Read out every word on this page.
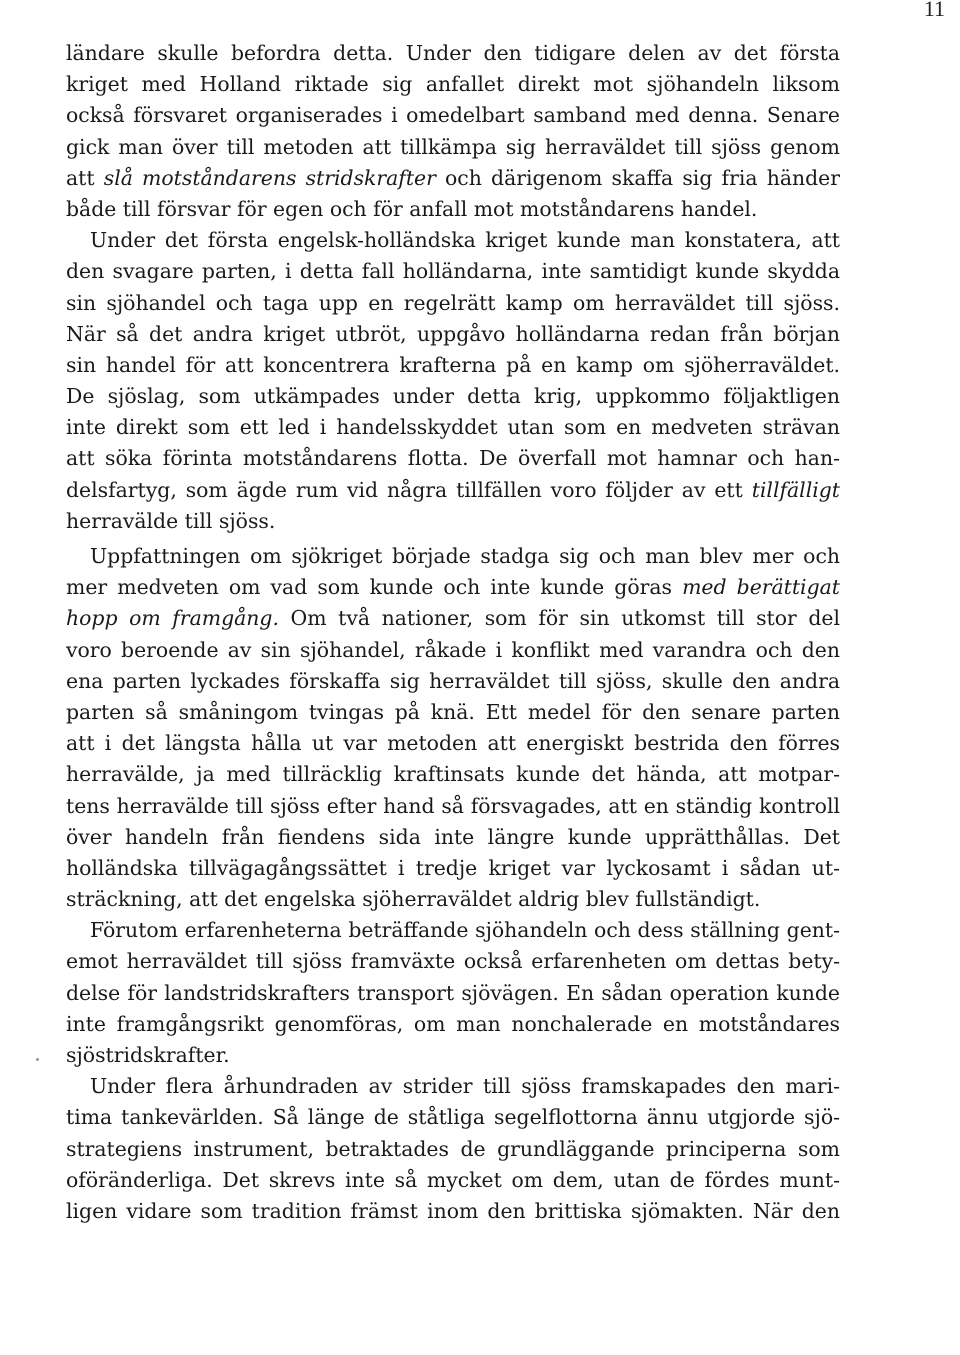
11
ländare skulle befordra detta. Under den tidigare delen av det första
kriget med Holland riktade sig anfallet direkt mot sjöhandeln liksom
också försvaret organiserades i omedelbart samband med denna. Senare
gick man över till metoden att tillkämpa sig herraväldet till sjöss genom
att slå motståndarens stridskrafter och därigenom skaffa sig fria händer
både till försvar för egen och för anfall mot motståndarens handel.
Under det första engelsk-holländska kriget kunde man konstatera, att
den svagare parten, i detta fall holländarna, inte samtidigt kunde skydda
sin sjöhandel och taga upp en regelrätt kamp om herraväldet till sjöss.
När så det andra kriget utbröt, uppgåvo holländarna redan från början
sin handel för att koncentrera krafterna på en kamp om sjöherraväldet.
De sjöslag, som utkämpades under detta krig, uppkommo följaktligen
inte direkt som ett led i handelsskyddet utan som en medveten strävan
att söka förinta motståndarens flotta. De överfall mot hamnar och han-
delsfartyg, som ägde rum vid några tillfällen voro följder av ett tillfälligt
herravälde till sjöss.
Uppfattningen om sjökriget började stadga sig och man blev mer och
mer medveten om vad som kunde och inte kunde göras med berättigat
hopp om framgång. Om två nationer, som för sin utkomst till stor del
voro beroende av sin sjöhandel, råkade i konflikt med varandra och den
ena parten lyckades förskaffa sig herraväldet till sjöss, skulle den andra
parten så småningom tvingas på knä. Ett medel för den senare parten
att i det längsta hålla ut var metoden att energiskt bestrida den förres
herravälde, ja med tillräcklig kraftinsats kunde det hända, att motpar-
tens herravälde till sjöss efter hand så försvagades, att en ständig kontroll
över handeln från fiendens sida inte längre kunde upprätthållas. Det
holländska tillvägagångssättet i tredje kriget var lyckosamt i sådan ut-
sträckning, att det engelska sjöherraväldet aldrig blev fullständigt.
Förutom erfarenheterna beträffande sjöhandeln och dess ställning gent-
emot herraväldet till sjöss framväxte också erfarenheten om dettas bety-
delse för landstridskrafters transport sjövägen. En sådan operation kunde
inte framgångsrikt genomföras, om man nonchalerade en motståndares
sjöstridskrafter.
Under flera århundraden av strider till sjöss framskapades den mari-
tima tankevärlden. Så länge de ståtliga segelflottorna ännu utgjorde sjö-
strategiens instrument, betraktades de grundläggande principerna som
oföränderliga. Det skrevs inte så mycket om dem, utan de fördes munt-
ligen vidare som tradition främst inom den brittiska sjömakten. När den
